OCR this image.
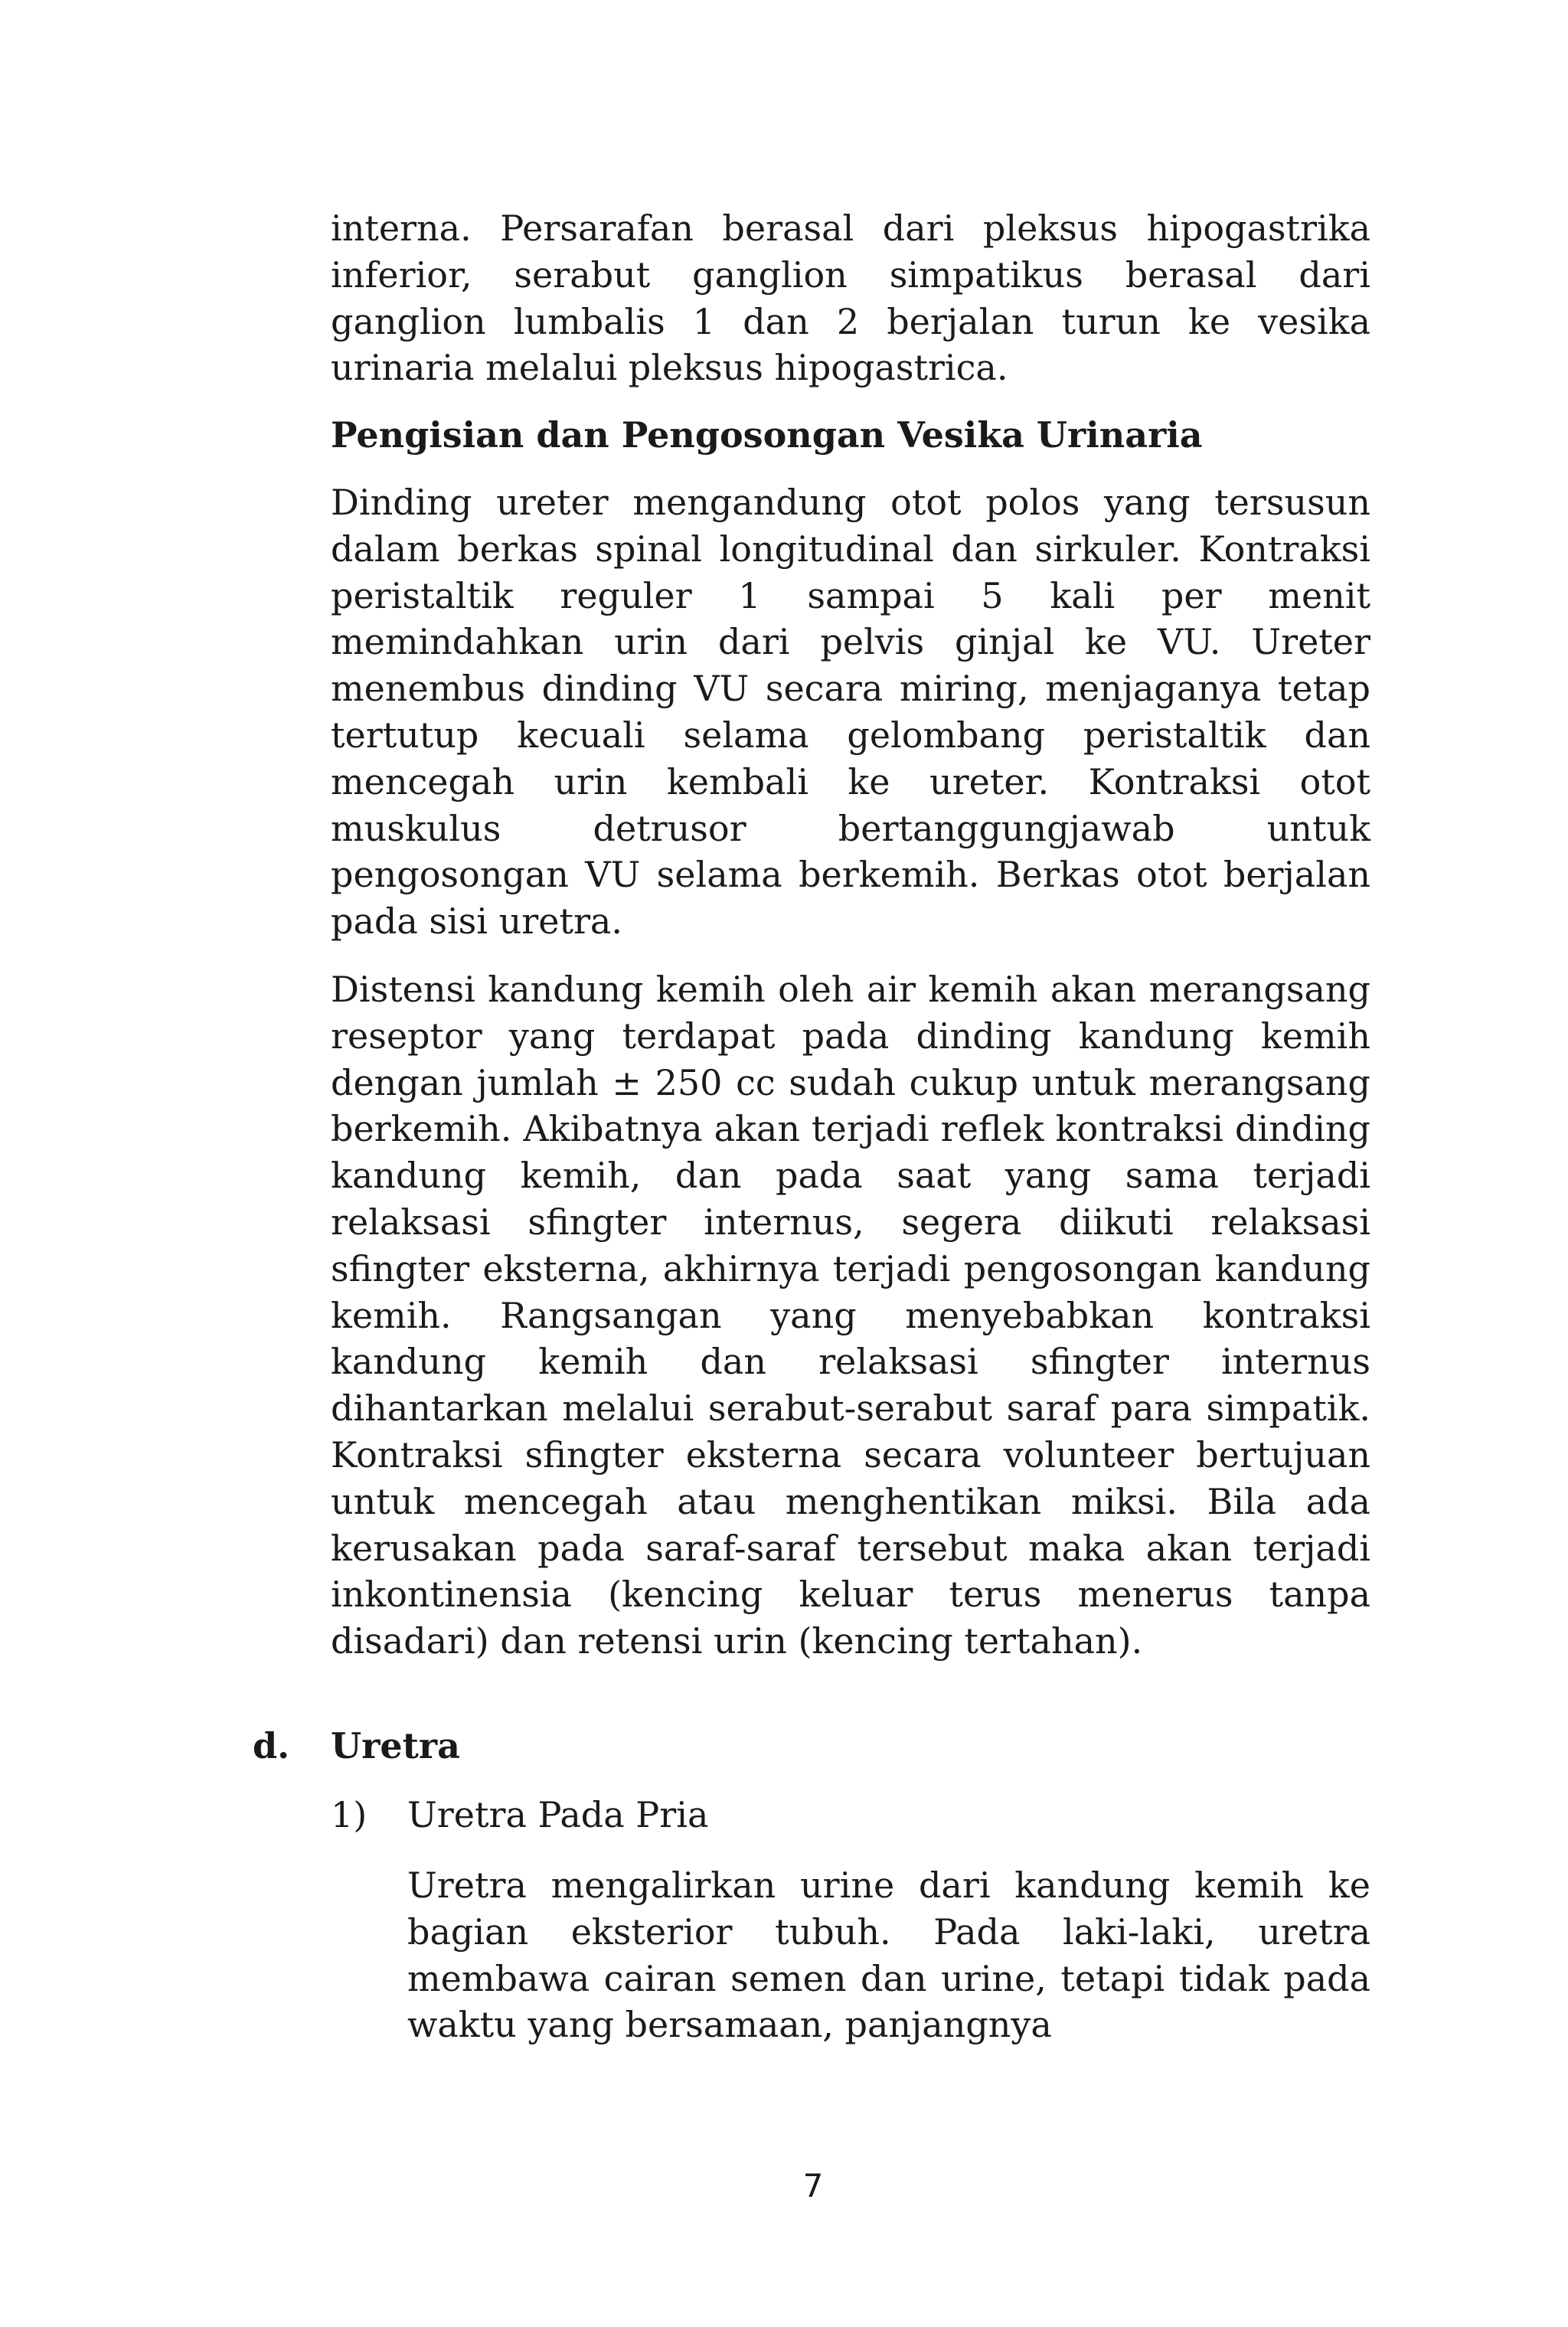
interna. Persarafan berasal dari pleksus hipogastrika inferior, serabut ganglion simpatikus berasal dari ganglion lumbalis 1 dan 2 berjalan turun ke vesika urinaria melalui pleksus hipogastrica.

Pengisian dan Pengosongan Vesika Urinaria

Dinding ureter mengandung otot polos yang tersusun dalam berkas spinal longitudinal dan sirkuler. Kontraksi peristaltik reguler 1 sampai 5 kali per menit memindahkan urin dari pelvis ginjal ke VU. Ureter menembus dinding VU secara miring, menjaganya tetap tertutup kecuali selama gelombang peristaltik dan mencegah urin kembali ke ureter. Kontraksi otot muskulus detrusor bertanggungjawab untuk pengosongan VU selama berkemih. Berkas otot berjalan pada sisi uretra.

Distensi kandung kemih oleh air kemih akan merangsang reseptor yang terdapat pada dinding kandung kemih dengan jumlah ± 250 cc sudah cukup untuk merangsang berkemih. Akibatnya akan terjadi reflek kontraksi dinding kandung kemih, dan pada saat yang sama terjadi relaksasi sfingter internus, segera diikuti relaksasi sfingter eksterna, akhirnya terjadi pengosongan kandung kemih. Rangsangan yang menyebabkan kontraksi kandung kemih dan relaksasi sfingter internus dihantarkan melalui serabut-serabut saraf para simpatik. Kontraksi sfingter eksterna secara volunteer bertujuan untuk mencegah atau menghentikan miksi. Bila ada kerusakan pada saraf-saraf tersebut maka akan terjadi inkontinensia (kencing keluar terus menerus tanpa disadari) dan retensi urin (kencing tertahan).

d. Uretra

1) Uretra Pada Pria

Uretra mengalirkan urine dari kandung kemih ke bagian eksterior tubuh. Pada laki-laki, uretra membawa cairan semen dan urine, tetapi tidak pada waktu yang bersamaan, panjangnya

7
